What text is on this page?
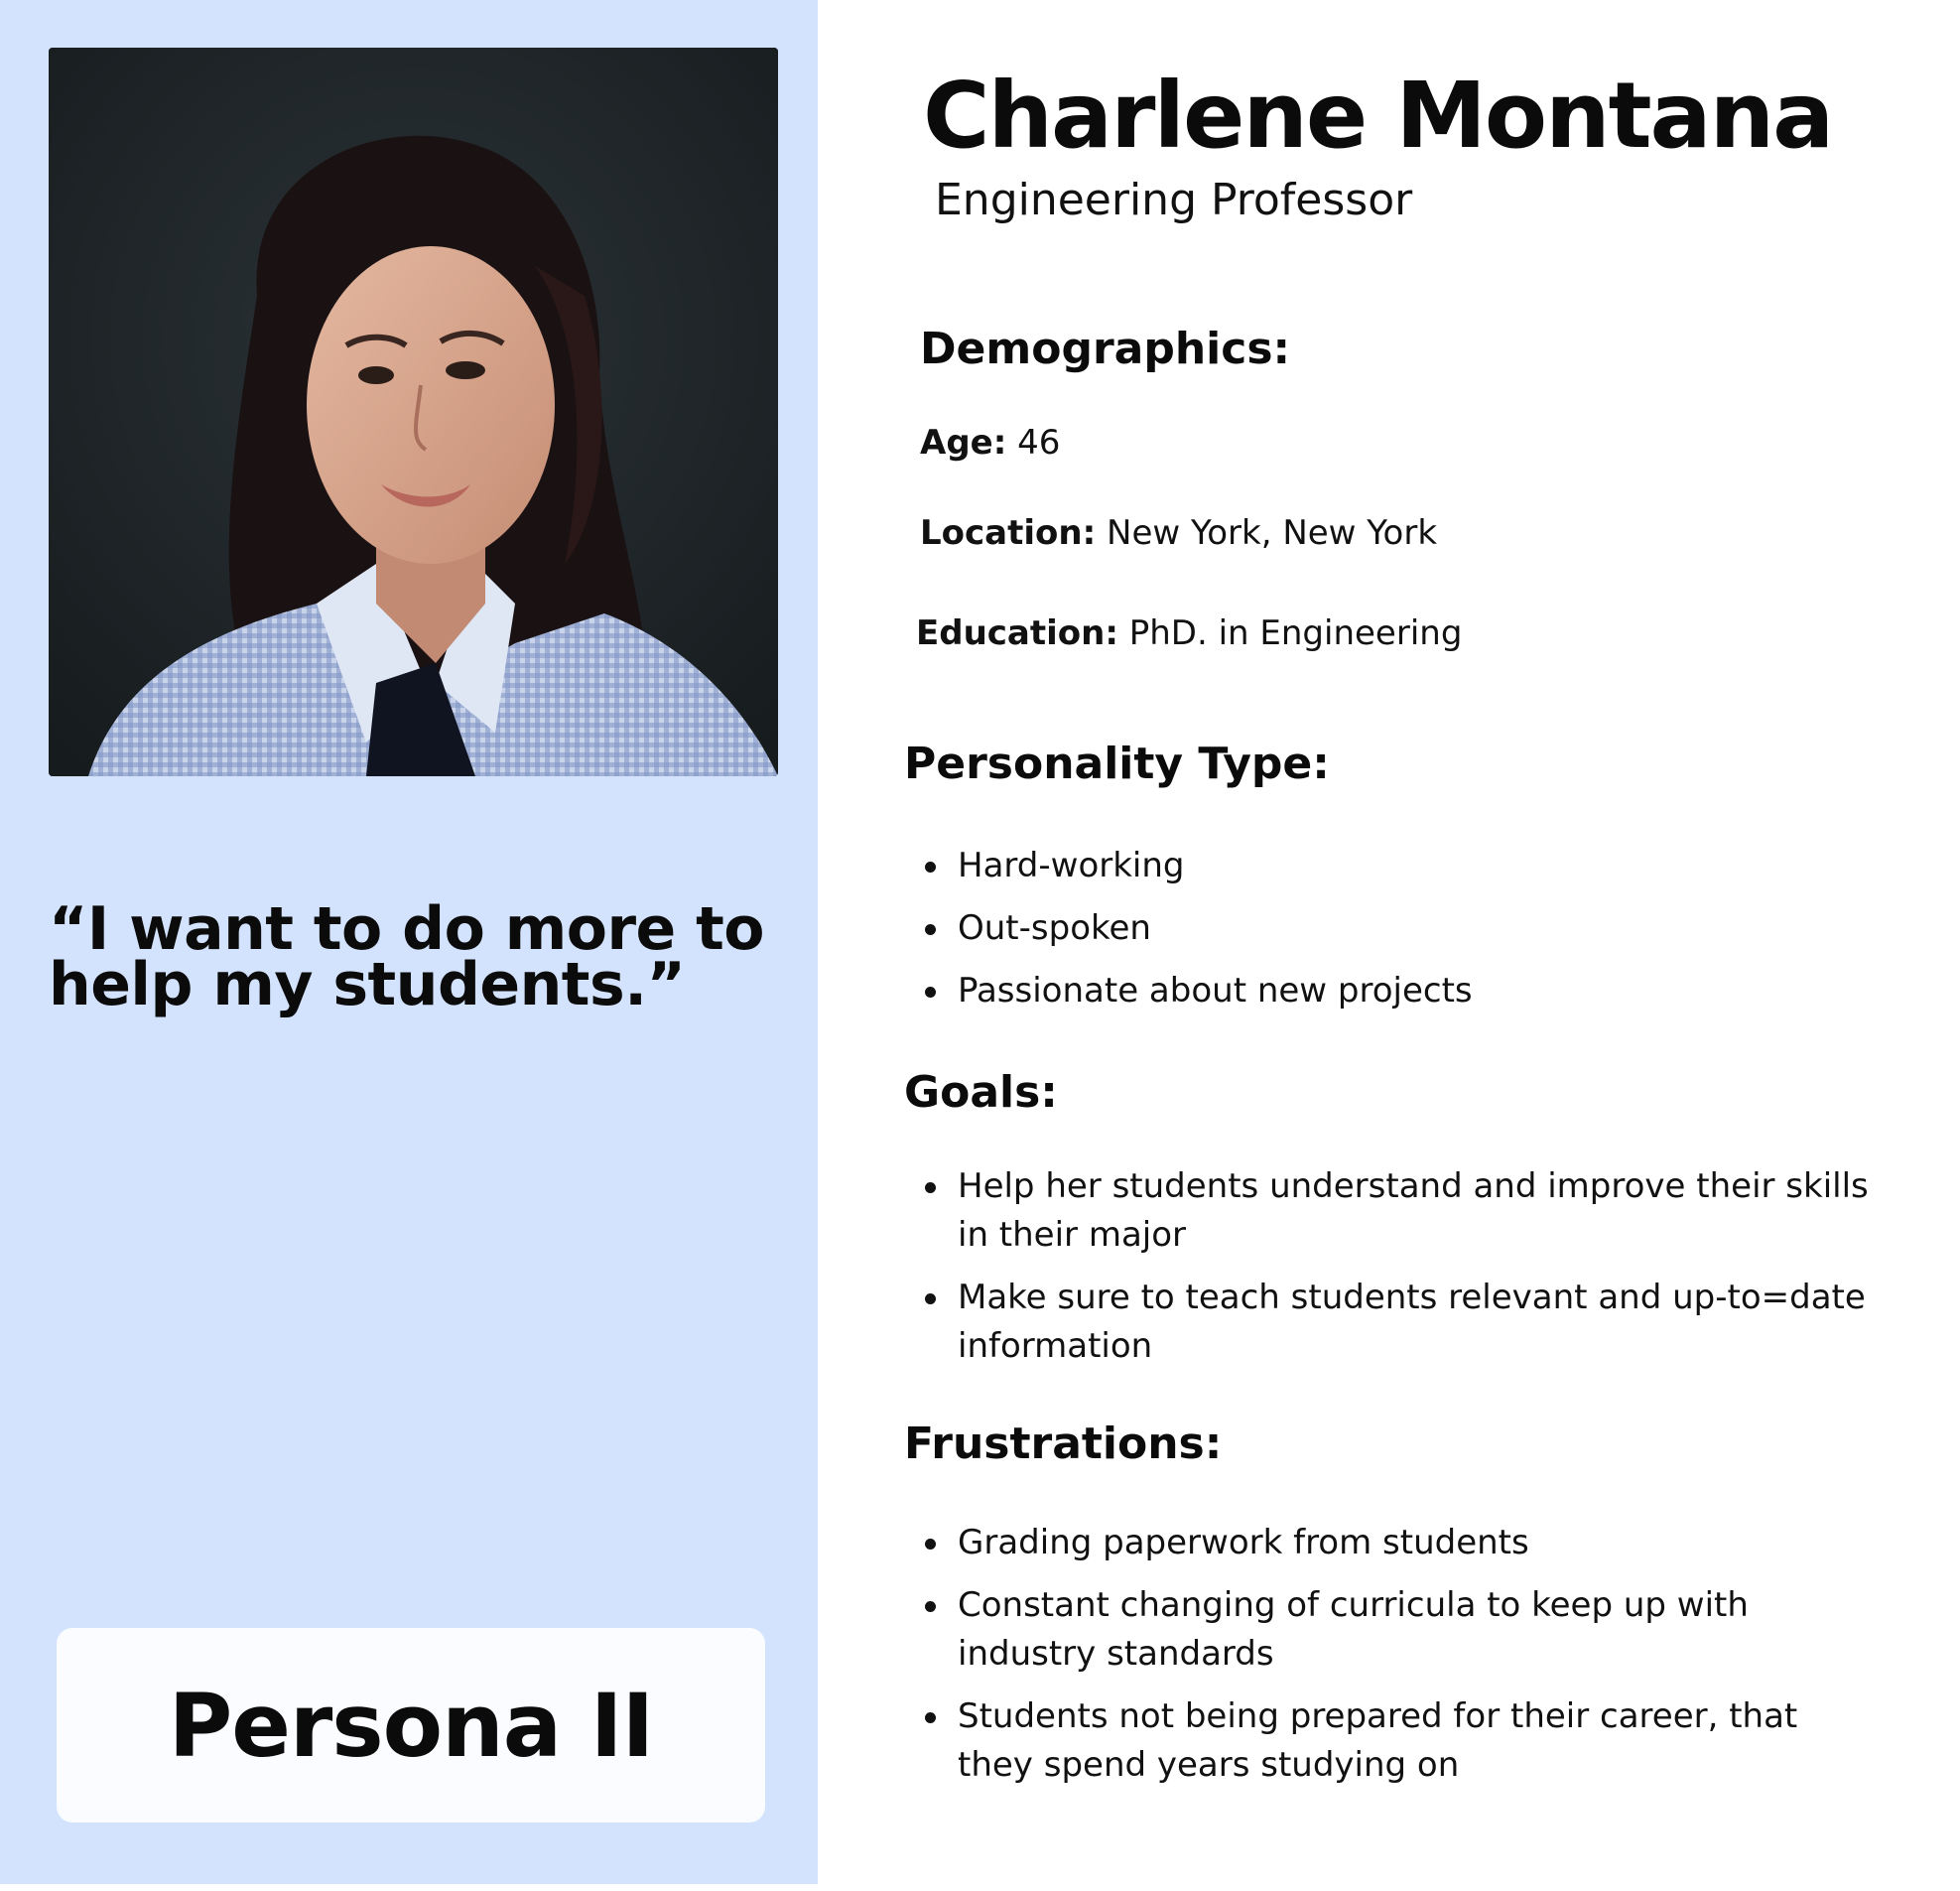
“I want to do more to help my students.”

Persona II
Charlene Montana
Engineering Professor
Demographics:
Age: 46
Location: New York, New York
Education: PhD. in Engineering
Personality Type:
Hard-working
Out-spoken
Passionate about new projects
Goals:
Help her students understand and improve their skills in their major
Make sure to teach students relevant and up-to=date information
Frustrations:
Grading paperwork from students
Constant changing of curricula to keep up with industry standards
Students not being prepared for their career, that they spend years studying on
